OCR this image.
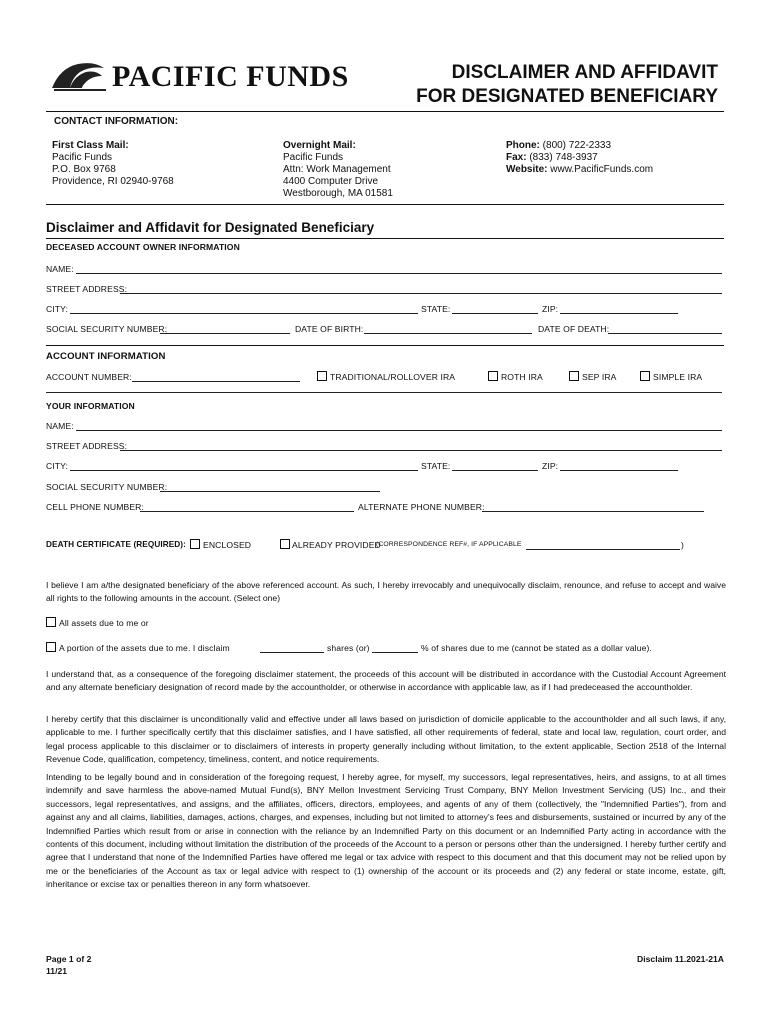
PACIFIC FUNDS	DISCLAIMER AND AFFIDAVIT
FOR DESIGNATED BENEFICIARY
CONTACT INFORMATION:
First Class Mail:
Pacific Funds
P.O. Box 9768
Providence, RI 02940-9768
Overnight Mail:
Pacific Funds
Attn: Work Management
4400 Computer Drive
Westborough, MA 01581
Phone: (800) 722-2333
Fax: (833) 748-3937
Website: www.PacificFunds.com
Disclaimer and Affidavit for Designated Beneficiary
DECEASED ACCOUNT OWNER INFORMATION
NAME:
STREET ADDRESS:
CITY:	STATE:	ZIP:
SOCIAL SECURITY NUMBER:	DATE OF BIRTH:	DATE OF DEATH:
ACCOUNT INFORMATION
ACCOUNT NUMBER:	TRADITIONAL/ROLLOVER IRA	ROTH IRA	SEP IRA	SIMPLE IRA
YOUR INFORMATION
NAME:
STREET ADDRESS:
CITY:	STATE:	ZIP:
SOCIAL SECURITY NUMBER:
CELL PHONE NUMBER:	ALTERNATE PHONE NUMBER:
DEATH CERTIFICATE (REQUIRED): ENCLOSED	ALREADY PROVIDED
(CORRESPONDENCE REF#, IF APPLICABLE	)
I believe I am a/the designated beneficiary of the above referenced account. As such, I hereby irrevocably and unequivocally disclaim, renounce, and refuse to accept and waive all rights to the following amounts in the account. (Select one)
All assets due to me or
A portion of the assets due to me. I disclaim	shares (or)	% of shares due to me (cannot be stated as a dollar value).
I understand that, as a consequence of the foregoing disclaimer statement, the proceeds of this account will be distributed in accordance with the Custodial Account Agreement and any alternate beneficiary designation of record made by the accountholder, or otherwise in accordance with applicable law, as if I had predeceased the accountholder.
I hereby certify that this disclaimer is unconditionally valid and effective under all laws based on jurisdiction of domicile applicable to the accountholder and all such laws, if any, applicable to me. I further specifically certify that this disclaimer satisfies, and I have satisfied, all other requirements of federal, state and local law, regulation, court order, and legal process applicable to this disclaimer or to disclaimers of interests in property generally including without limitation, to the extent applicable, Section 2518 of the Internal Revenue Code, qualification, competency, timeliness, content, and notice requirements.
Intending to be legally bound and in consideration of the foregoing request, I hereby agree, for myself, my successors, legal representatives, heirs, and assigns, to at all times indemnify and save harmless the above-named Mutual Fund(s), BNY Mellon Investment Servicing Trust Company, BNY Mellon Investment Servicing (US) Inc., and their successors, legal representatives, and assigns, and the affiliates, officers, directors, employees, and agents of any of them (collectively, the "Indemnified Parties"), from and against any and all claims, liabilities, damages, actions, charges, and expenses, including but not limited to attorney's fees and disbursements, sustained or incurred by any of the Indemnified Parties which result from or arise in connection with the reliance by an Indemnified Party on this document or an Indemnified Party acting in accordance with the contents of this document, including without limitation the distribution of the proceeds of the Account to a person or persons other than the undersigned. I hereby further certify and agree that I understand that none of the Indemnified Parties have offered me legal or tax advice with respect to this document and that this document may not be relied upon by me or the beneficiaries of the Account as tax or legal advice with respect to (1) ownership of the account or its proceeds and (2) any federal or state income, estate, gift, inheritance or excise tax or penalties thereon in any form whatsoever.
Page 1 of 2
11/21
Disclaim 11.2021-21A
